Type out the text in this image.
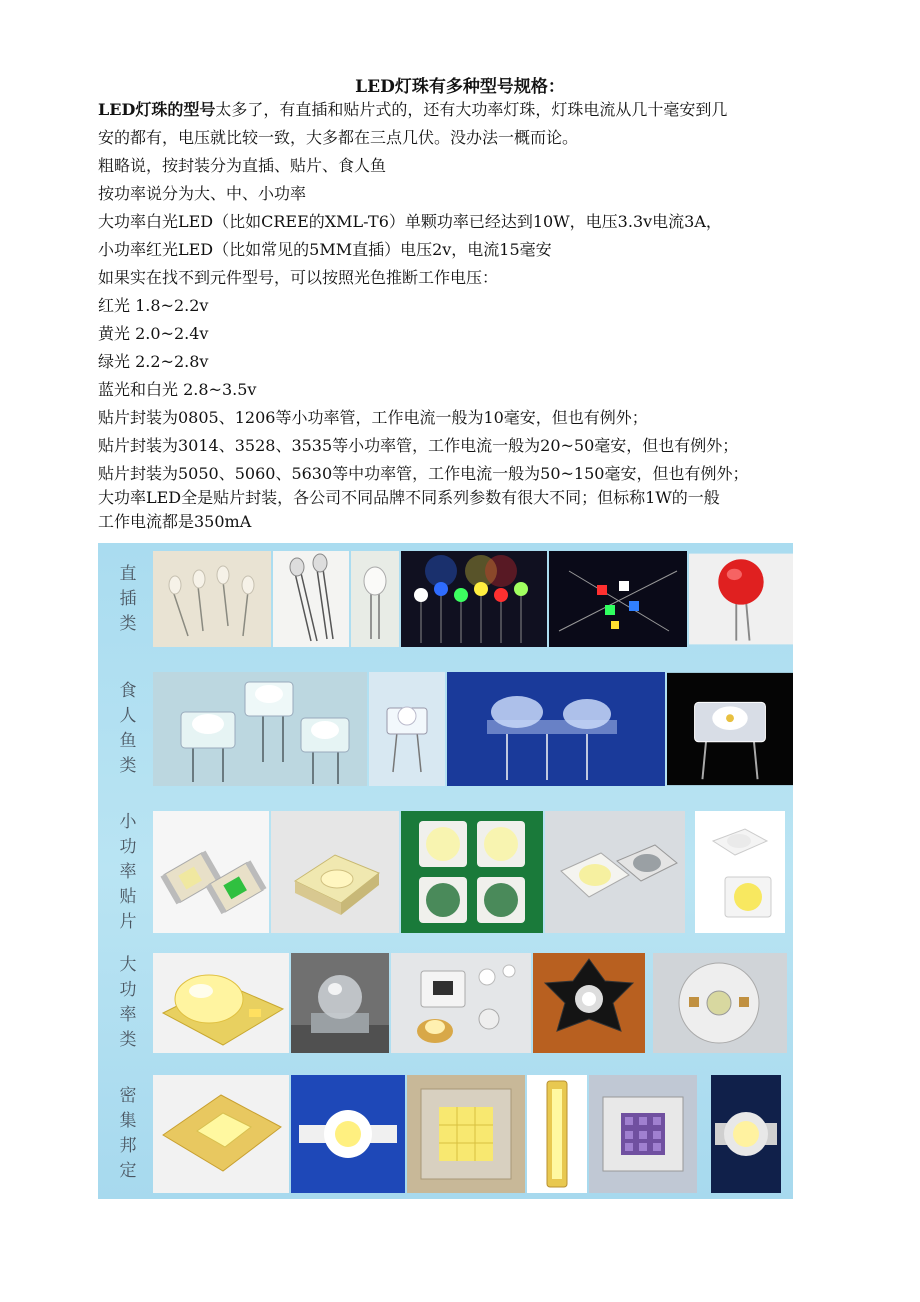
LED灯珠有多种型号规格：
LED灯珠的型号太多了，有直插和贴片式的，还有大功率灯珠，灯珠电流从几十毫安到几
安的都有，电压就比较一致，大多都在三点几伏。没办法一概而论。
粗略说，按封装分为直插、贴片、食人鱼
按功率说分为大、中、小功率
大功率白光LED（比如CREE的XML-T6）单颗功率已经达到10W，电压3.3v电流3A，
小功率红光LED（比如常见的5MM直插）电压2v，电流15毫安
如果实在找不到元件型号，可以按照光色推断工作电压：
红光 1.8~2.2v
黄光 2.0~2.4v
绿光 2.2~2.8v
蓝光和白光 2.8~3.5v
贴片封装为0805、1206等小功率管，工作电流一般为10毫安，但也有例外；
贴片封装为3014、3528、3535等小功率管，工作电流一般为20~50毫安，但也有例外；
贴片封装为5050、5060、5630等中功率管，工作电流一般为50~150毫安，但也有例外；
大功率LED全是贴片封装，各公司不同品牌不同系列参数有很大不同；但标称1W的一般
工作电流都是350mA
直
插
类
食
人
鱼
类
小
功
率
贴
片
大
功
率
类
密
集
邦
定
